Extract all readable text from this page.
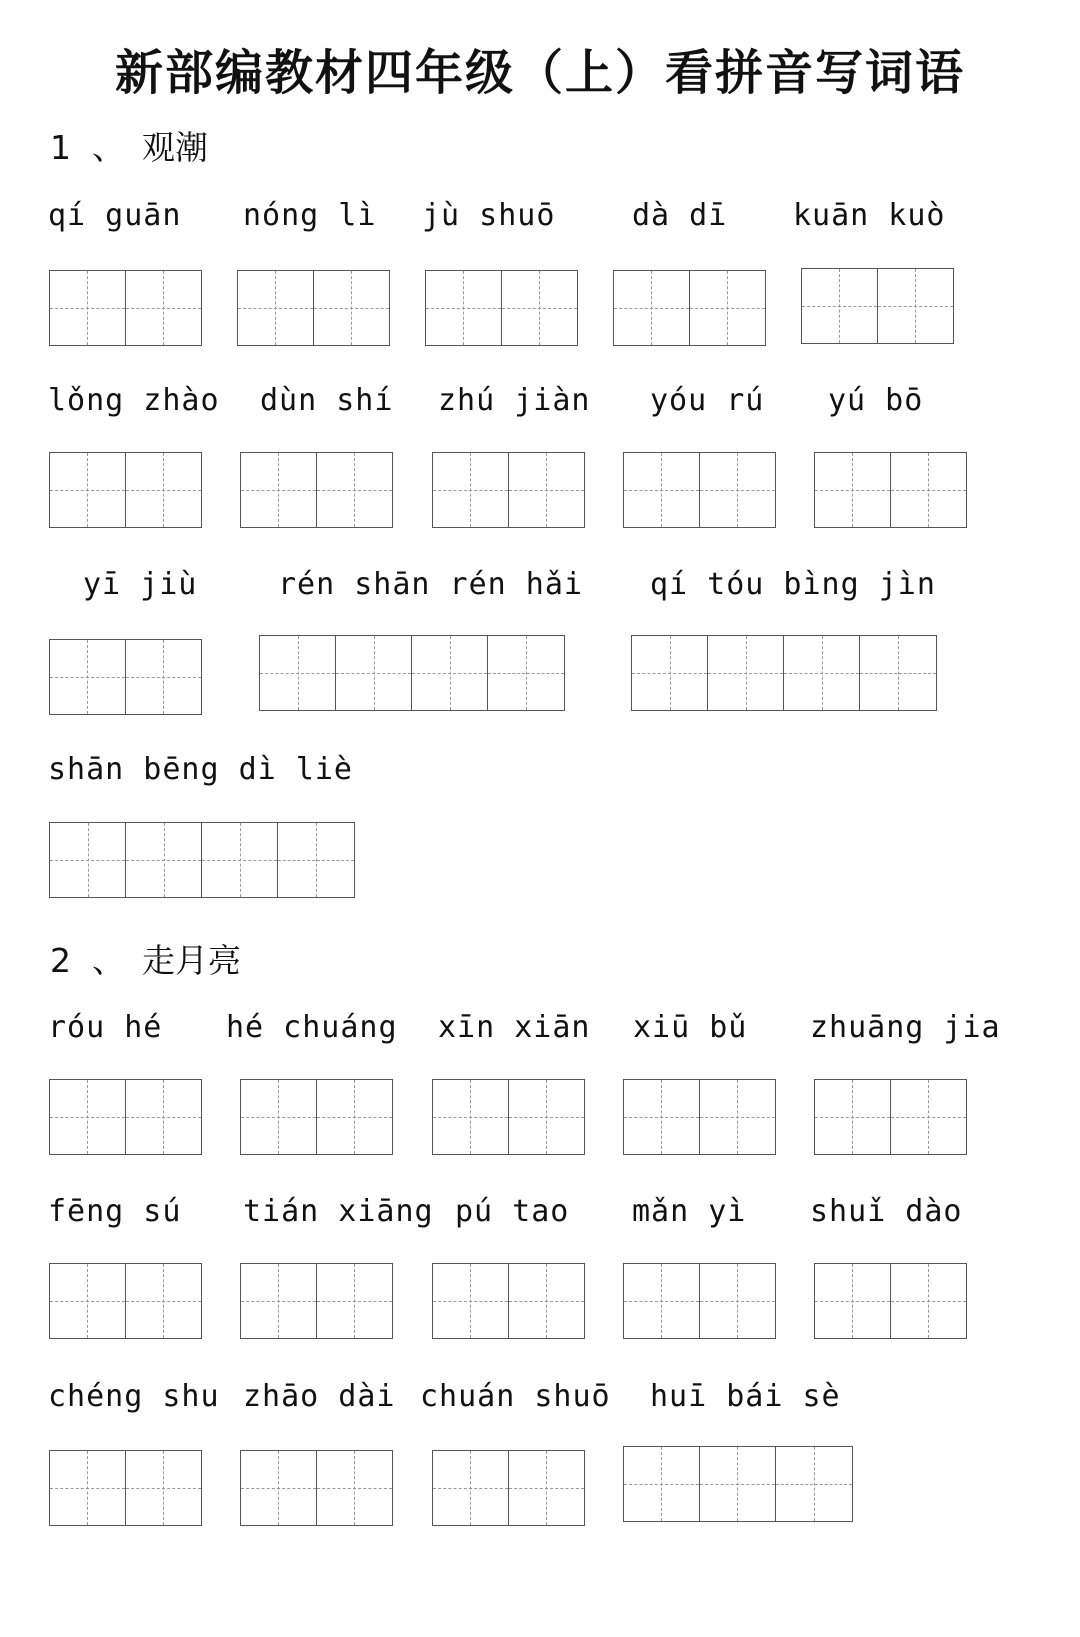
新部编教材四年级（上）看拼音写词语
1 、 观潮
qí guān nóng lì jù shuō	dà dī kuān kuò
lǒng zhào dùn shí zhú jiàn yóu rú yú bō
yī jiù	rén shān rén hǎi qí tóu bìng jìn
shān bēng dì liè
2 、 走月亮
róu hé hé chuáng xīn xiān xiū bǔ zhuāng jia
fēng sú tián xiāng pú tao mǎn yì shuǐ dào
chéng shu zhāo dài chuán shuō huī bái sè
